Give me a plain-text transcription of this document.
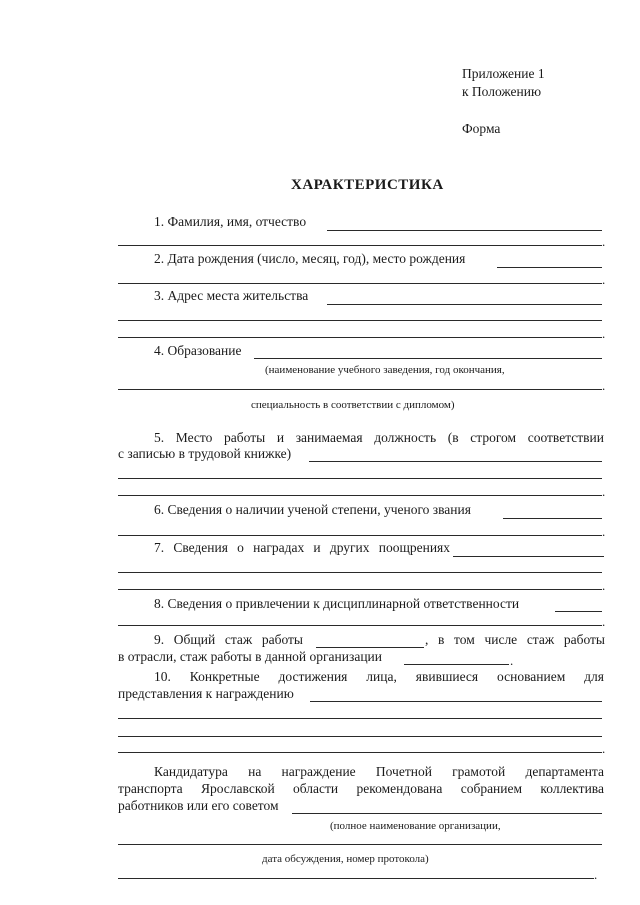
Приложение 1
к Положению
Форма
ХАРАКТЕРИСТИКА
1. Фамилия, имя, отчество
.
2. Дата рождения (число, месяц, год), место рождения
.
3. Адрес места жительства
.
4. Образование
(наименование учебного заведения, год окончания,
.
специальность в соответствии с дипломом)
5. Место работы и занимаемая должность (в строгом соответствии
с записью в трудовой книжке)
.
6. Сведения о наличии ученой степени, ученого звания
.
7. Сведения о наградах и других поощрениях
.
8. Сведения о привлечении к дисциплинарной ответственности
.
9. Общий стаж работы	, в том числе стаж работы
в отрасли, стаж работы в данной организации	.
10. Конкретные достижения лица, явившиеся основанием для
представления к награждению
.
Кандидатура на награждение Почетной грамотой департамента
транспорта Ярославской области рекомендована собранием коллектива
работников или его советом
(полное наименование организации,
дата обсуждения, номер протокола)
.
